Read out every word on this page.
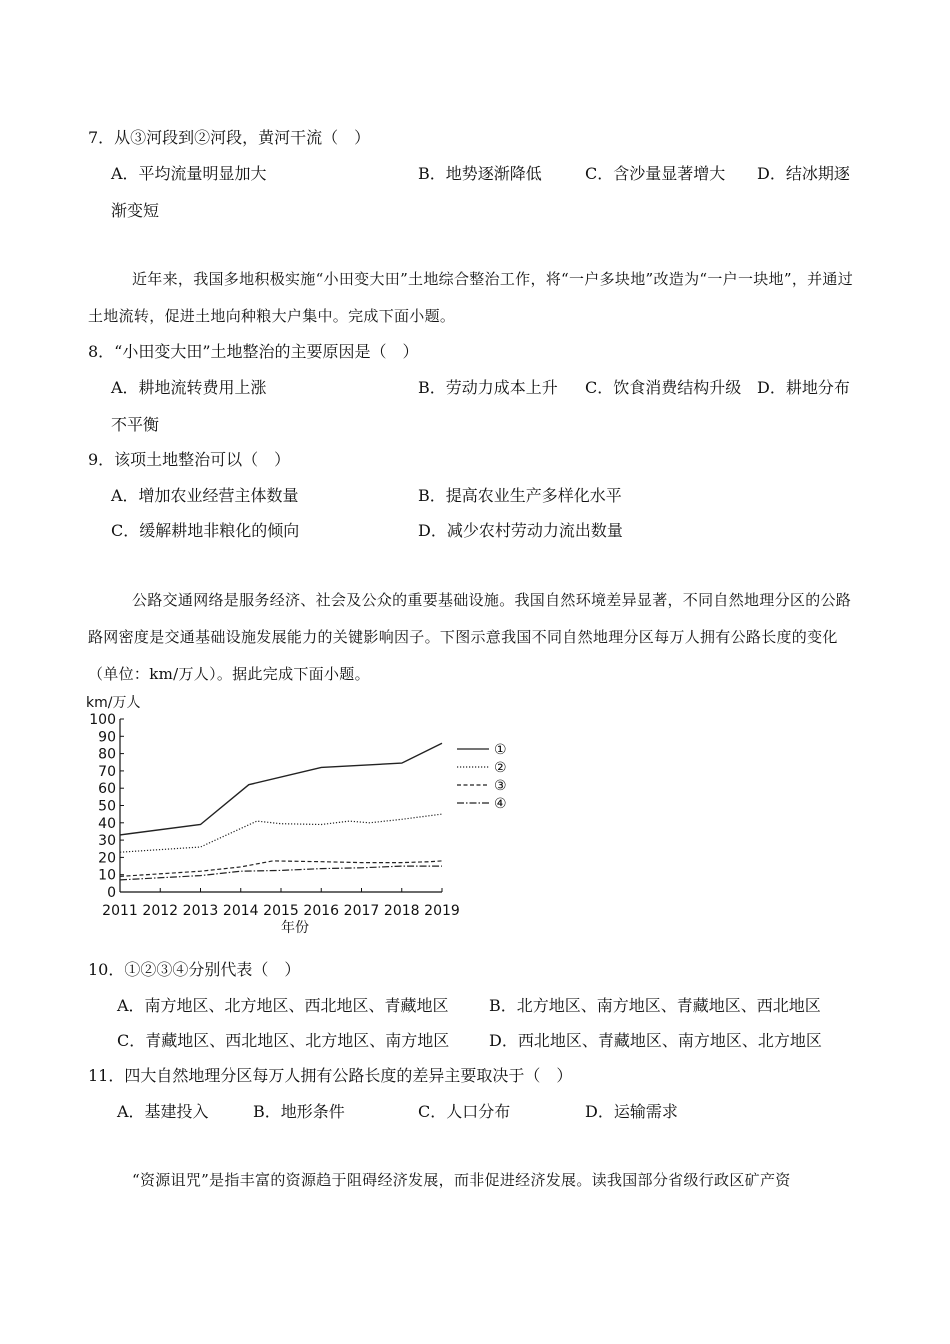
7．从③河段到②河段，黄河干流（　）
A．平均流量明显加大	B．地势逐渐降低	C．含沙量显著增大 D．结冰期逐
渐变短
近年来，我国多地积极实施“小田变大田”土地综合整治工作，将“一户多块地”改造为“一户一块地”，并通过土地流转，促进土地向种粮大户集中。完成下面小题。
8．“小田变大田”土地整治的主要原因是（　）
A．耕地流转费用上涨	B．劳动力成本上升 C．饮食消费结构升级 D．耕地分布
不平衡
9．该项土地整治可以（　）
A．增加农业经营主体数量	B．提高农业生产多样化水平
C．缓解耕地非粮化的倾向	D．减少农村劳动力流出数量
公路交通网络是服务经济、社会及公众的重要基础设施。我国自然环境差异显著，不同自然地理分区的公路路网密度是交通基础设施发展能力的关键影响因子。下图示意我国不同自然地理分区每万人拥有公路长度的变化（单位：km/万人）。据此完成下面小题。
km/万人
年份
0
10
20
30
40
50
60
70
80
90
100
2011 2012 2013 2014 2015 2016 2017 2018 2019
①
②
③
④
10．①②③④分别代表（　）
A．南方地区、北方地区、西北地区、青藏地区	B．北方地区、南方地区、青藏地区、西北地区
C．青藏地区、西北地区、北方地区、南方地区 D．西北地区、青藏地区、南方地区、北方地区
11．四大自然地理分区每万人拥有公路长度的差异主要取决于（　）
A．基建投入	B．地形条件	C．人口分布	D．运输需求
“资源诅咒”是指丰富的资源趋于阻碍经济发展，而非促进经济发展。读我国部分省级行政区矿产资
